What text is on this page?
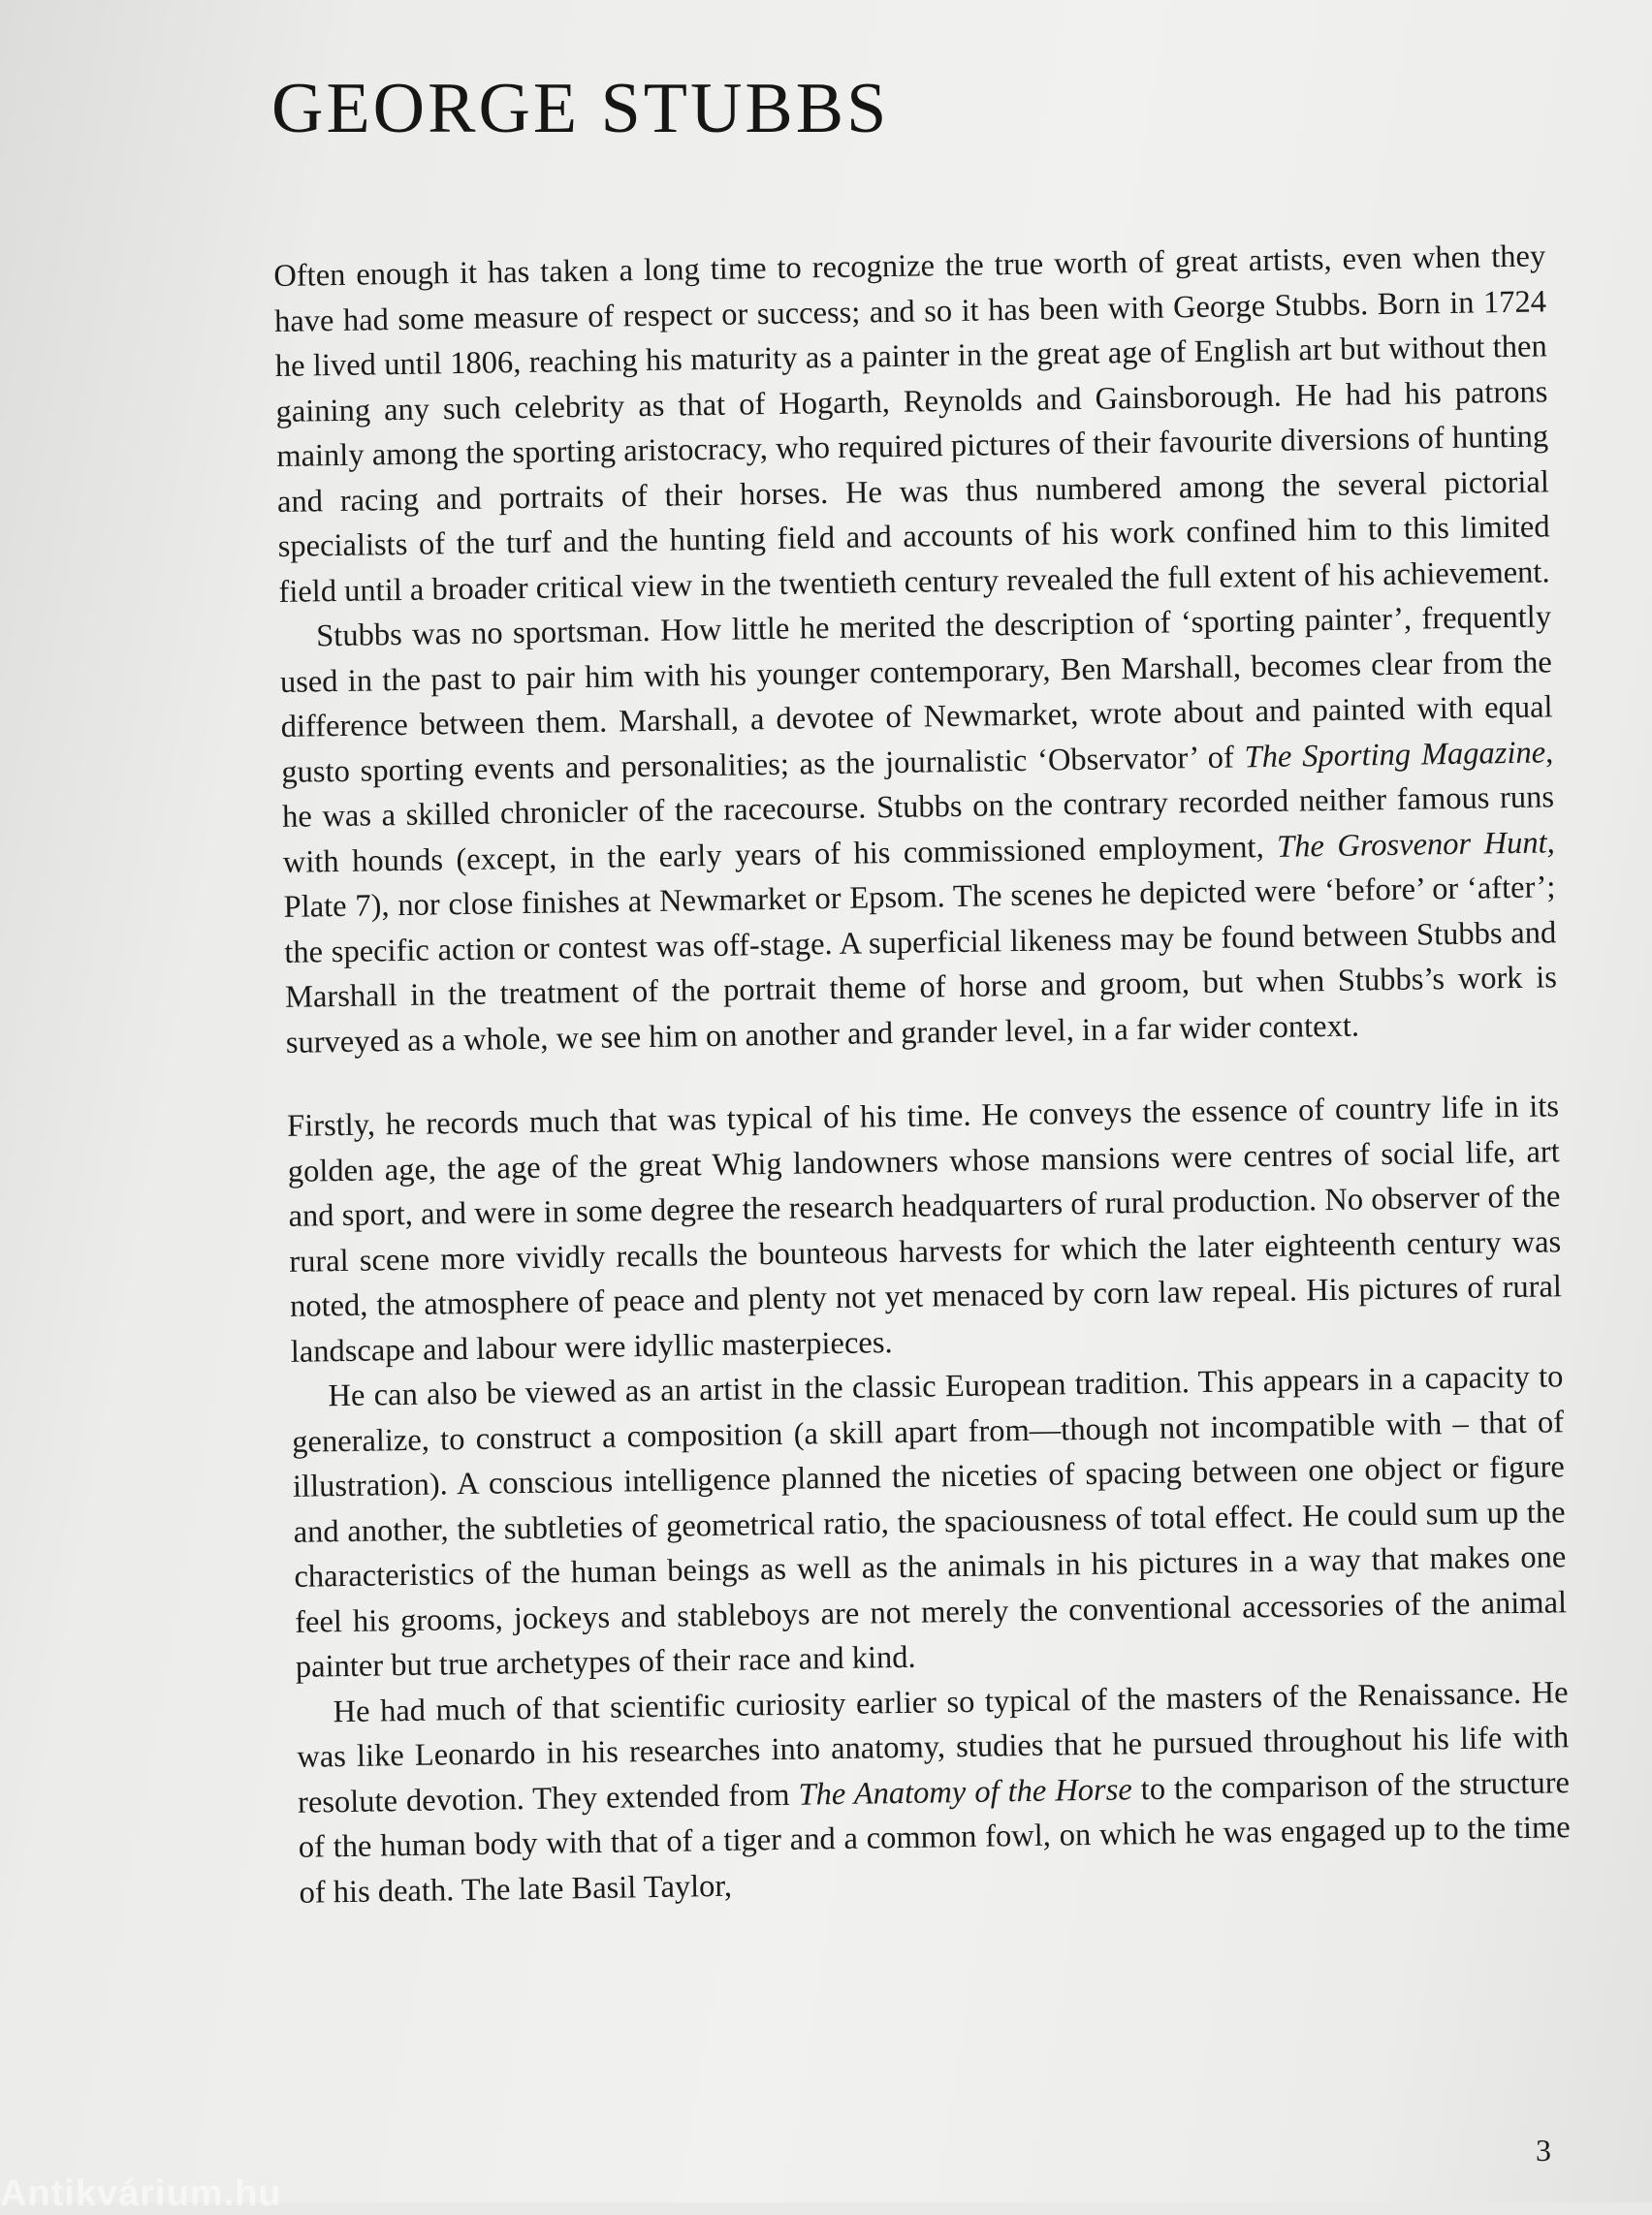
GEORGE STUBBS

Often enough it has taken a long time to recognize the true worth of great artists, even when they have had some measure of respect or success; and so it has been with George Stubbs. Born in 1724 he lived until 1806, reaching his maturity as a painter in the great age of English art but without then gaining any such celebrity as that of Hogarth, Reynolds and Gainsborough. He had his patrons mainly among the sporting aristocracy, who required pictures of their favourite diversions of hunting and racing and portraits of their horses. He was thus numbered among the several pictorial specialists of the turf and the hunting field and accounts of his work confined him to this limited field until a broader critical view in the twentieth century revealed the full extent of his achievement.

Stubbs was no sportsman. How little he merited the description of ‘sporting painter’, frequently used in the past to pair him with his younger contemporary, Ben Marshall, becomes clear from the difference between them. Marshall, a devotee of Newmarket, wrote about and painted with equal gusto sporting events and personalities; as the journalistic ‘Observator’ of The Sporting Magazine, he was a skilled chronicler of the racecourse. Stubbs on the contrary recorded neither famous runs with hounds (except, in the early years of his commissioned employment, The Grosvenor Hunt, Plate 7), nor close finishes at Newmarket or Epsom. The scenes he depicted were ‘before’ or ‘after’; the specific action or contest was off-stage. A superficial likeness may be found between Stubbs and Marshall in the treatment of the portrait theme of horse and groom, but when Stubbs’s work is surveyed as a whole, we see him on another and grander level, in a far wider context.

Firstly, he records much that was typical of his time. He conveys the essence of country life in its golden age, the age of the great Whig landowners whose mansions were centres of social life, art and sport, and were in some degree the research headquarters of rural production. No observer of the rural scene more vividly recalls the bounteous harvests for which the later eighteenth century was noted, the atmosphere of peace and plenty not yet menaced by corn law repeal. His pictures of rural landscape and labour were idyllic masterpieces.

He can also be viewed as an artist in the classic European tradition. This appears in a capacity to generalize, to construct a composition (a skill apart from—though not incompatible with – that of illustration). A conscious intelligence planned the niceties of spacing between one object or figure and another, the subtleties of geometrical ratio, the spaciousness of total effect. He could sum up the characteristics of the human beings as well as the animals in his pictures in a way that makes one feel his grooms, jockeys and stableboys are not merely the conventional accessories of the animal painter but true archetypes of their race and kind.

He had much of that scientific curiosity earlier so typical of the masters of the Renaissance. He was like Leonardo in his researches into anatomy, studies that he pursued throughout his life with resolute devotion. They extended from The Anatomy of the Horse to the comparison of the structure of the human body with that of a tiger and a common fowl, on which he was engaged up to the time of his death. The late Basil Taylor,

3
Antikvárium.hu
